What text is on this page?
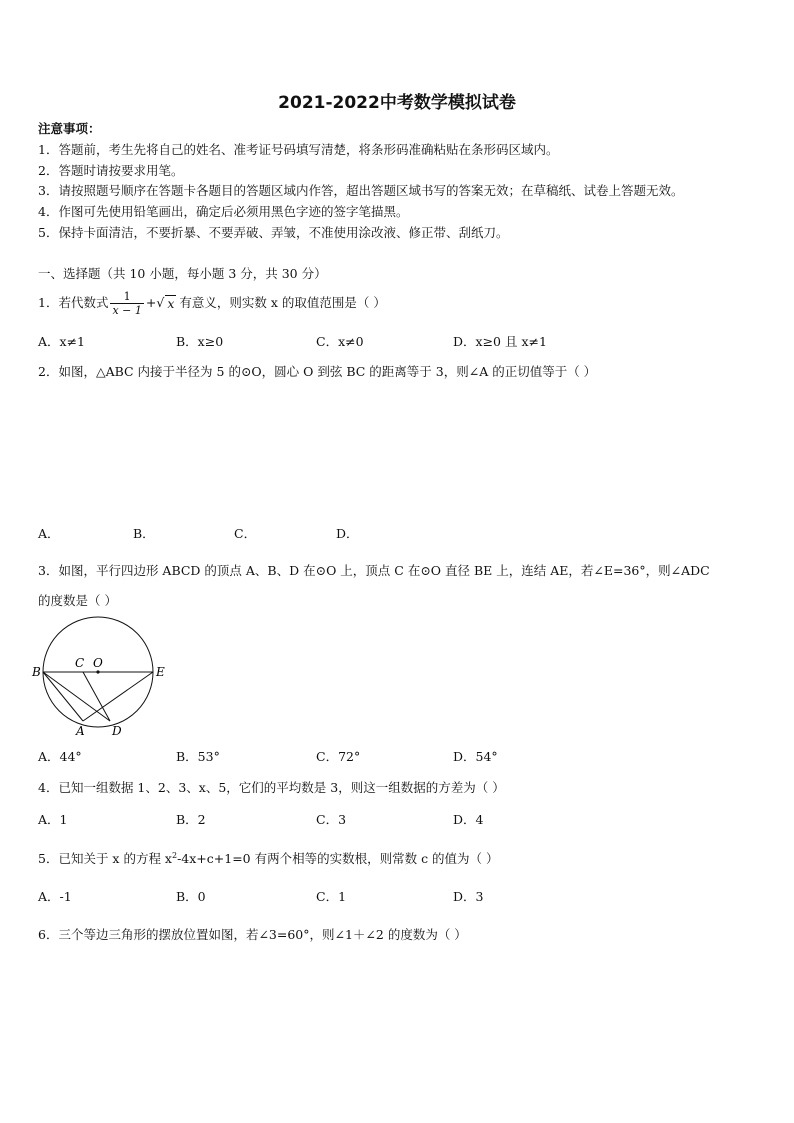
2021-2022中考数学模拟试卷
注意事项：
1．答题前，考生先将自己的姓名、准考证号码填写清楚，将条形码准确粘贴在条形码区域内。
2．答题时请按要求用笔。
3．请按照题号顺序在答题卡各题目的答题区域内作答，超出答题区域书写的答案无效；在草稿纸、试卷上答题无效。
4．作图可先使用铅笔画出，确定后必须用黑色字迹的签字笔描黑。
5．保持卡面清洁，不要折暴、不要弄破、弄皱，不准使用涂改液、修正带、刮纸刀。
一、选择题（共 10 小题，每小题 3 分，共 30 分）
1．若代数式 $\frac{1}{x - 1}$ + √ x 有意义，则实数 x 的取值范围是（ ）
A．x≠1	B．x≥0	C．x≠0	D．x≥0 且 x≠1
2．如图，△ABC 内接于半径为 5 的⊙O，圆心 O 到弦 BC 的距离等于 3，则∠A 的正切值等于（ ）
A．	B．	C．	D．
3．如图，平行四边形 ABCD 的顶点 A、B、D 在⊙O 上，顶点 C 在⊙O 直径 BE 上，连结 AE，若∠E=36°，则∠ADC
的度数是（ ）
B
C O
E
A D
A．44°	B．53°	C．72°	D．54°
4．已知一组数据 1、2、3、x、5，它们的平均数是 3，则这一组数据的方差为（ ）
A．1	B．2	C．3	D．4
5．已知关于 x 的方程 $x^2-4x+c+1=0$ 有两个相等的实数根，则常数 c 的值为（ ）
A．-1	B．0	C．1	D．3
6．三个等边三角形的摆放位置如图，若∠3=60°，则∠1＋∠2 的度数为（ ）
